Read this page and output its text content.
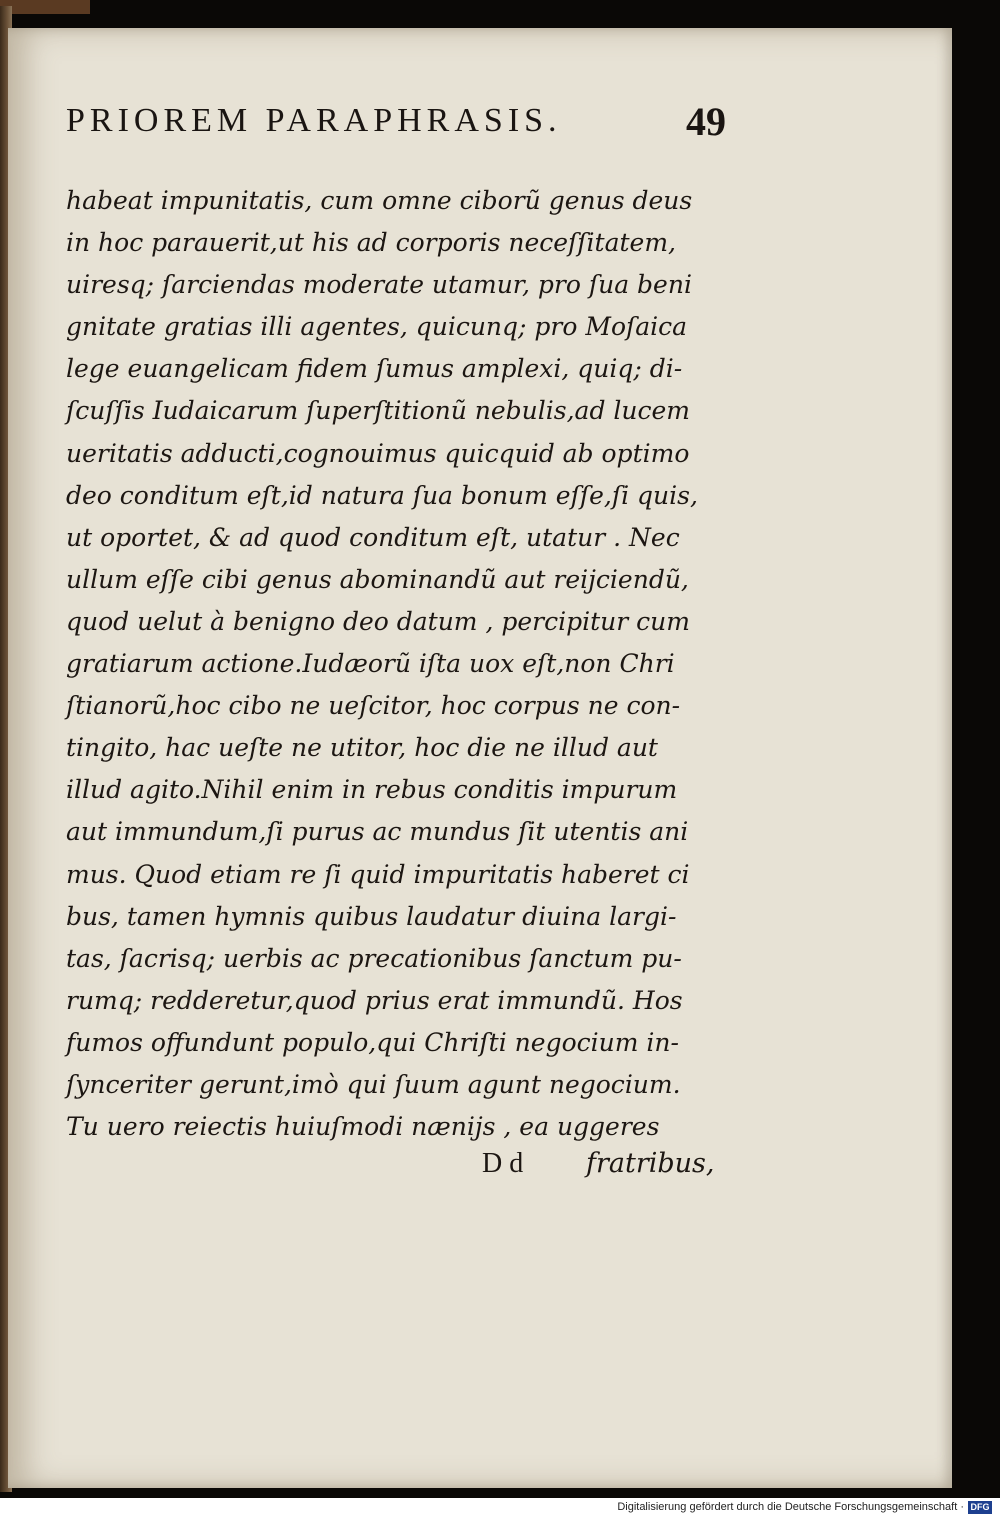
PRIOREM PARAPHRASIS.	49
habeat impunitatis, cum omne ciborũ genus deus
in hoc parauerit,ut his ad corporis neceſſitatem,
uiresq; ſarciendas moderate utamur, pro ſua beni
gnitate gratias illi agentes, quicunq; pro Moſaica
lege euangelicam fidem ſumus amplexi, quiq; di-
ſcuſſis Iudaicarum ſuperſtitionũ nebulis,ad lucem
ueritatis adducti,cognouimus quicquid ab optimo
deo conditum eſt,id natura ſua bonum eſſe,ſi quis,
ut oportet, & ad quod conditum eſt, utatur . Nec
ullum eſſe cibi genus abominandũ aut reijciendũ,
quod uelut à benigno deo datum , percipitur cum
gratiarum actione.Iudæorũ iſta uox eſt,non Chri
ſtianorũ,hoc cibo ne ueſcitor, hoc corpus ne con-
tingito, hac ueſte ne utitor, hoc die ne illud aut
illud agito.Nihil enim in rebus conditis impurum
aut immundum,ſi purus ac mundus ſit utentis ani
mus. Quod etiam re ſi quid impuritatis haberet ci
bus, tamen hymnis quibus laudatur diuina largi-
tas, ſacrisq; uerbis ac precationibus ſanctum pu-
rumq; redderetur,quod prius erat immundũ. Hos
fumos offundunt populo,qui Chriſti negocium in-
ſynceriter gerunt,imò qui ſuum agunt negocium.
Tu uero reiectis huiuſmodi nænijs , ea uggeres
D d fratribus,
Digitalisierung gefördert durch die Deutsche Forschungsgemeinschaft · DFG
